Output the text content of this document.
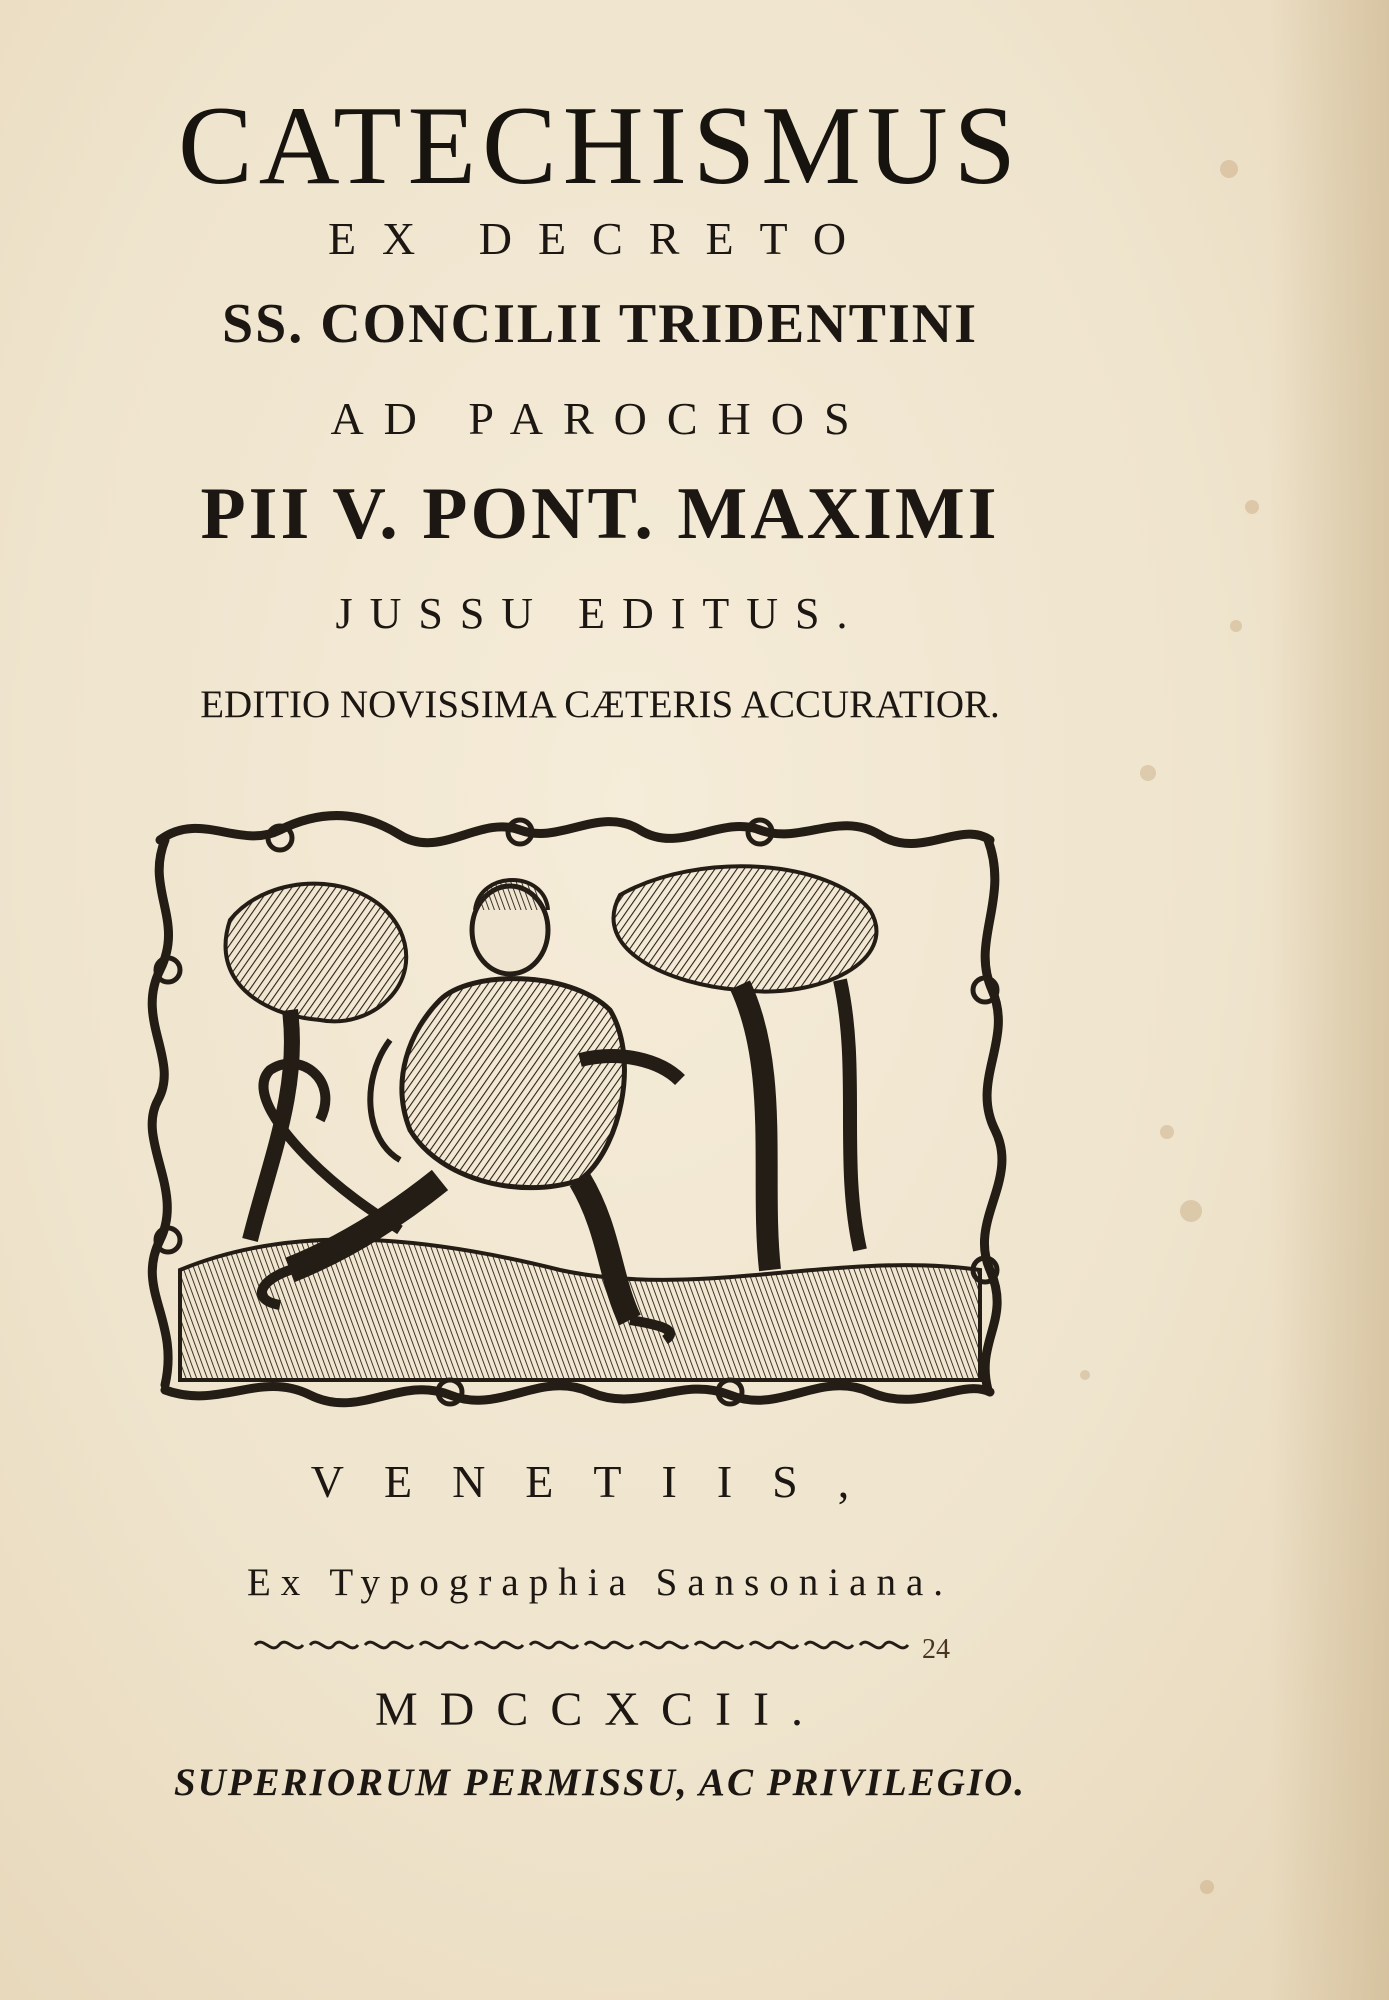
CATECHISMUS
EX DECRETO
SS. CONCILII TRIDENTINI
AD PAROCHOS
PII V. PONT. MAXIMI
JUSSU EDITUS.
EDITIO NOVISSIMA CÆTERIS ACCURATIOR.
VENETIIS,
Ex Typographia Sansoniana.
24
MDCCXCII.
SUPERIORUM PERMISSU, AC PRIVILEGIO.
